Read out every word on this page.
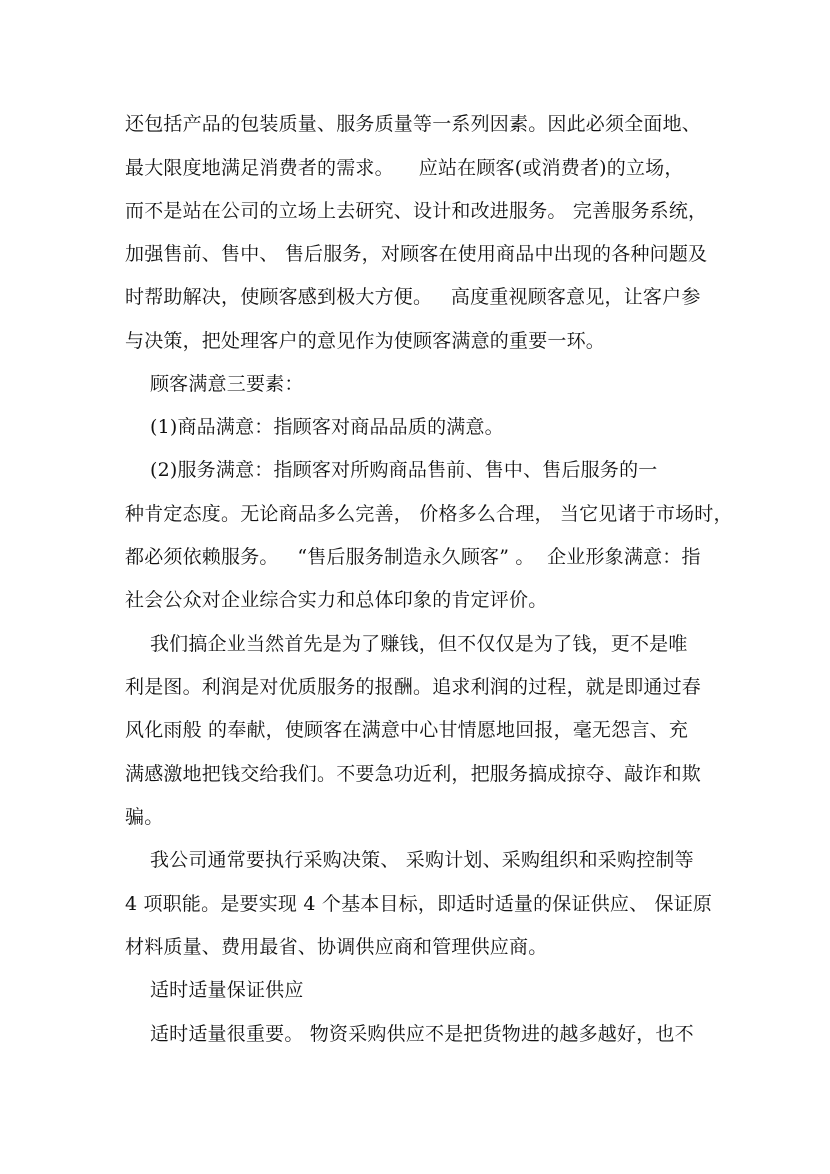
还包括产品的包装质量、服务质量等一系列因素。因此必须全面地、
最大限度地满足消费者的需求。    应站在顾客(或消费者)的立场，
而不是站在公司的立场上去研究、设计和改进服务。 完善服务系统，
加强售前、售中、 售后服务，对顾客在使用商品中出现的各种问题及
时帮助解决，使顾客感到极大方便。   高度重视顾客意见，让客户参
与决策，把处理客户的意见作为使顾客满意的重要一环。
顾客满意三要素：
(1)商品满意：指顾客对商品品质的满意。
(2)服务满意：指顾客对所购商品售前、售中、售后服务的一
种肯定态度。无论商品多么完善， 价格多么合理， 当它见诸于市场时，
都必须依赖服务。   “售后服务制造永久顾客” 。  企业形象满意：指
社会公众对企业综合实力和总体印象的肯定评价。
我们搞企业当然首先是为了赚钱，但不仅仅是为了钱，更不是唯
利是图。利润是对优质服务的报酬。追求利润的过程，就是即通过春
风化雨般 的奉献，使顾客在满意中心甘情愿地回报，毫无怨言、充
满感激地把钱交给我们。不要急功近利，把服务搞成掠夺、敲诈和欺
骗。
我公司通常要执行采购决策、 采购计划、采购组织和采购控制等
4 项职能。是要实现 4 个基本目标，即适时适量的保证供应、 保证原
材料质量、费用最省、协调供应商和管理供应商。
适时适量保证供应
适时适量很重要。 物资采购供应不是把货物进的越多越好，也不
